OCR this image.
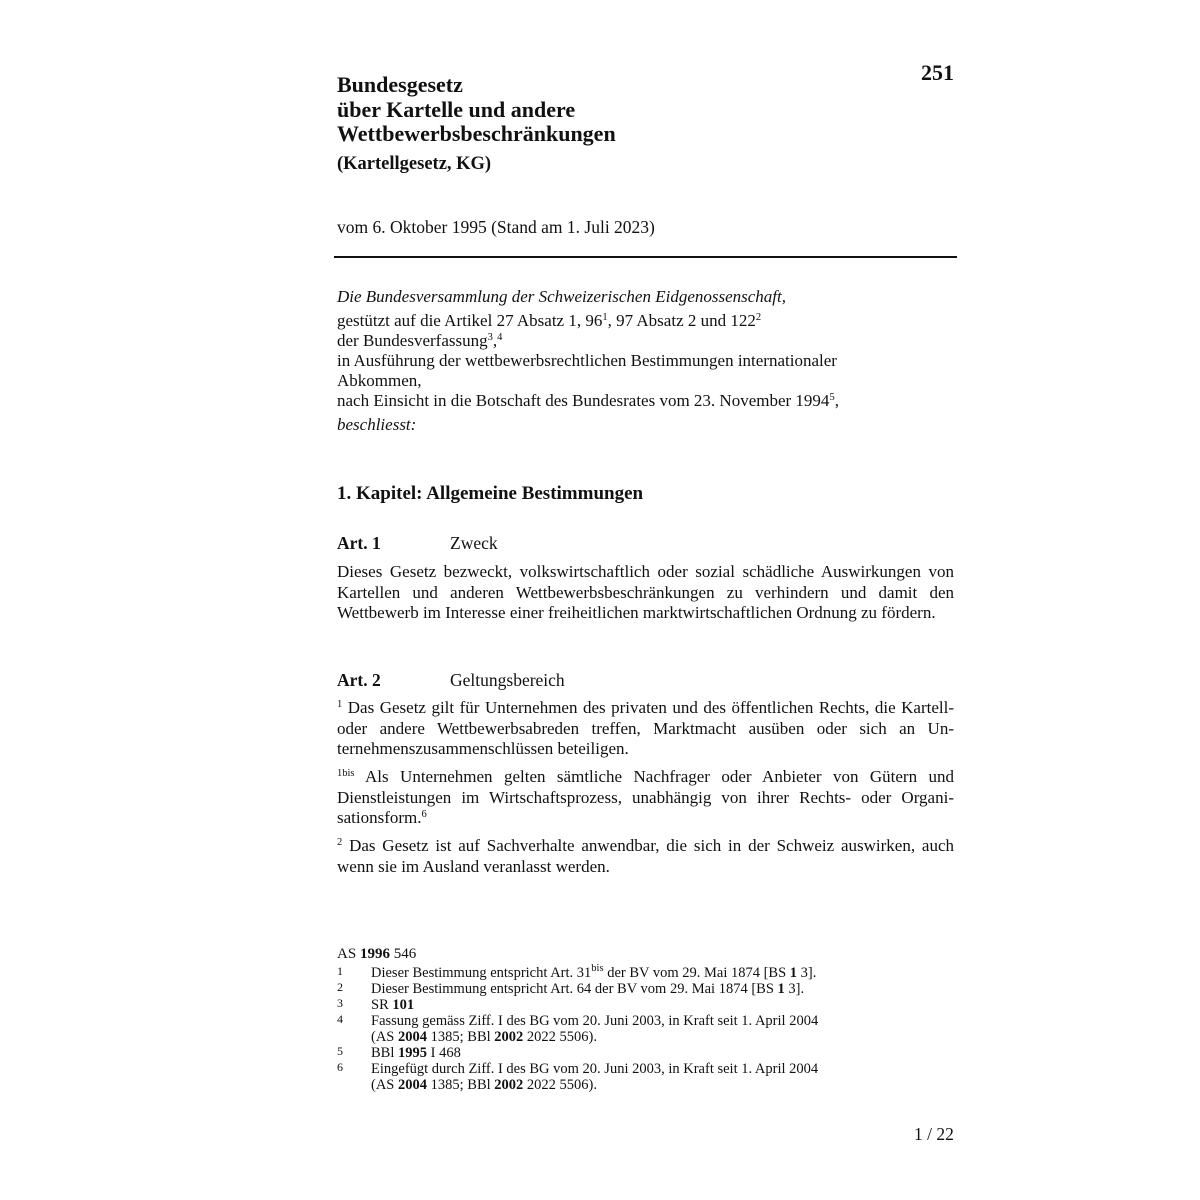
251
Bundesgesetz
über Kartelle und andere
Wettbewerbsbeschränkungen
(Kartellgesetz, KG)
vom 6. Oktober 1995 (Stand am 1. Juli 2023)
Die Bundesversammlung der Schweizerischen Eidgenossenschaft,
gestützt auf die Artikel 27 Absatz 1, $96^1$, 97 Absatz 2 und $122^2$
der Bundesverfassung$^3$,$^4$
in Ausführung der wettbewerbsrechtlichen Bestimmungen internationaler
Abkommen,
nach Einsicht in die Botschaft des Bundesrates vom 23. November 1994$^5$,
beschliesst:
1. Kapitel: Allgemeine Bestimmungen
Art. 1	Zweck
Dieses Gesetz bezweckt, volkswirtschaftlich oder sozial schädliche Auswirkungen von Kartellen und anderen Wettbewerbsbeschränkungen zu verhindern und damit den Wettbewerb im Interesse einer freiheitlichen marktwirtschaftlichen Ordnung zu fördern.
Art. 2	Geltungsbereich
$^1$ Das Gesetz gilt für Unternehmen des privaten und des öffentlichen Rechts, die Kartell- oder andere Wettbewerbsabreden treffen, Marktmacht ausüben oder sich an Unternehmenszusammenschlüssen beteiligen.
$^{1bis}$ Als Unternehmen gelten sämtliche Nachfrager oder Anbieter von Gütern und Dienstleistungen im Wirtschaftsprozess, unabhängig von ihrer Rechts- oder Organisationsform.$^6$
$^2$ Das Gesetz ist auf Sachverhalte anwendbar, die sich in der Schweiz auswirken, auch wenn sie im Ausland veranlasst werden.
AS 1996 546
1	Dieser Bestimmung entspricht Art. $31^{bis}$ der BV vom 29. Mai 1874 [BS 1 3].
2	Dieser Bestimmung entspricht Art. 64 der BV vom 29. Mai 1874 [BS 1 3].
3	SR 101
4	Fassung gemäss Ziff. I des BG vom 20. Juni 2003, in Kraft seit 1. April 2004
(AS 2004 1385; BBl 2002 2022 5506).
5	BBl 1995 I 468
6	Eingefügt durch Ziff. I des BG vom 20. Juni 2003, in Kraft seit 1. April 2004
(AS 2004 1385; BBl 2002 2022 5506).
1 / 22
